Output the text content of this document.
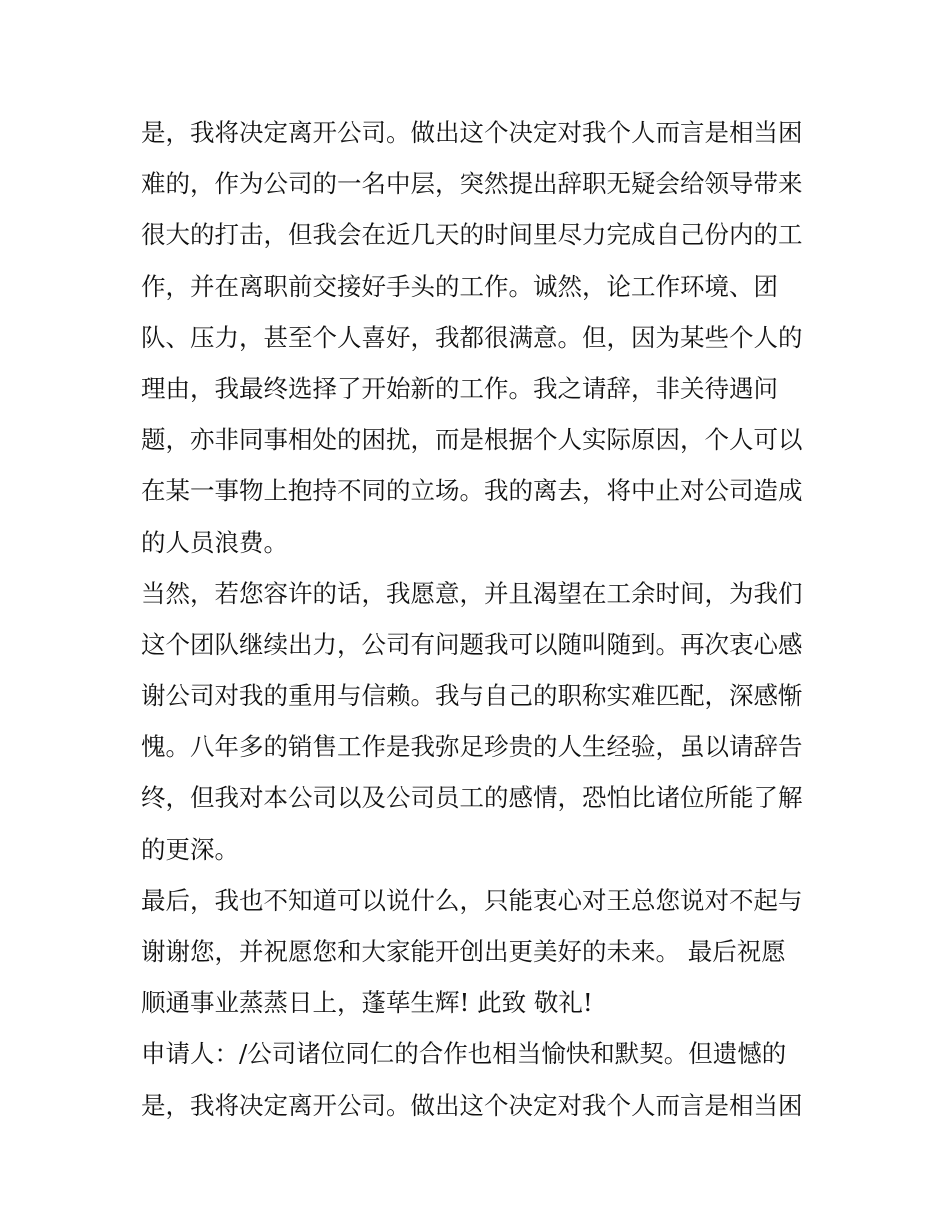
是，我将决定离开公司。做出这个决定对我个人而言是相当困
难的，作为公司的一名中层，突然提出辞职无疑会给领导带来
很大的打击，但我会在近几天的时间里尽力完成自己份内的工
作，并在离职前交接好手头的工作。诚然，论工作环境、团
队、压力，甚至个人喜好，我都很满意。但，因为某些个人的
理由，我最终选择了开始新的工作。我之请辞，非关待遇问
题，亦非同事相处的困扰，而是根据个人实际原因，个人可以
在某一事物上抱持不同的立场。我的离去，将中止对公司造成
的人员浪费。
当然，若您容许的话，我愿意，并且渴望在工余时间，为我们
这个团队继续出力，公司有问题我可以随叫随到。再次衷心感
谢公司对我的重用与信赖。我与自己的职称实难匹配，深感惭
愧。八年多的销售工作是我弥足珍贵的人生经验，虽以请辞告
终，但我对本公司以及公司员工的感情，恐怕比诸位所能了解
的更深。
最后，我也不知道可以说什么，只能衷心对王总您说对不起与
谢谢您，并祝愿您和大家能开创出更美好的未来。 最后祝愿
顺通事业蒸蒸日上，蓬荜生辉! 此致 敬礼!
申请人：/公司诸位同仁的合作也相当愉快和默契。但遗憾的
是，我将决定离开公司。做出这个决定对我个人而言是相当困
